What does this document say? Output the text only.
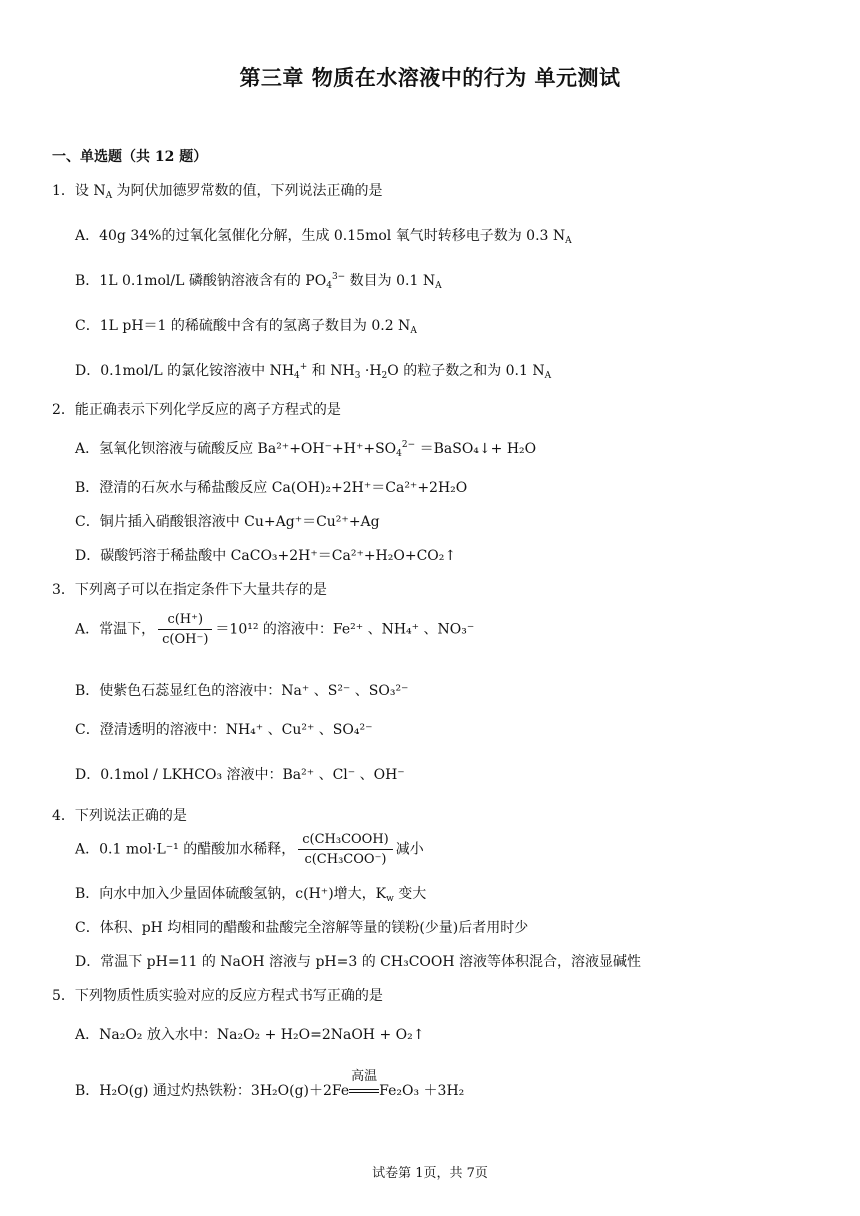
第三章 物质在水溶液中的行为 单元测试
一、单选题（共 12 题）
1．设 $N_A$ 为阿伏加德罗常数的值，下列说法正确的是
A．40g 34%的过氧化氢催化分解，生成 0.15mol 氧气时转移电子数为 0.3 $N_A$
B．1L 0.1mol/L 磷酸钠溶液含有的 $PO_4^{3-}$ 数目为 0.1 $N_A$
C．1L pH＝1 的稀硫酸中含有的氢离子数目为 0.2 $N_A$
D．0.1mol/L 的氯化铵溶液中 $NH_4^+$ 和 $NH_3 \cdot H_2O$ 的粒子数之和为 0.1 $N_A$
2．能正确表示下列化学反应的离子方程式的是
A．氢氧化钡溶液与硫酸反应 $Ba^{2+}+OH^-+H^++SO_4^{2-}$ ＝BaSO₄↓+ H₂O
B．澄清的石灰水与稀盐酸反应 Ca(OH)₂+2H⁺＝Ca²⁺+2H₂O
C．铜片插入硝酸银溶液中 Cu+Ag⁺＝Cu²⁺+Ag
D．碳酸钙溶于稀盐酸中 CaCO₃+2H⁺＝Ca²⁺+H₂O+CO₂↑
3．下列离子可以在指定条件下大量共存的是
A．常温下， $\frac{c(H^+)}{c(OH^-)} =10^{12}$ 的溶液中：Fe²⁺ 、NH₄⁺ 、NO₃⁻
B．使紫色石蕊显红色的溶液中：Na⁺ 、S²⁻ 、SO₃²⁻
C．澄清透明的溶液中：NH₄⁺ 、Cu²⁺ 、SO₄²⁻
D．0.1mol / LKHCO₃ 溶液中：Ba²⁺ 、Cl⁻ 、OH⁻
4．下列说法正确的是
A．0.1 mol·L⁻¹ 的醋酸加水稀释， $\frac{\text{c(CH₃COOH)}}{\text{c(CH₃COO⁻)}}$ 减小
B．向水中加入少量固体硫酸氢钠，c(H⁺)增大，$K_w$ 变大
C．体积、pH 均相同的醋酸和盐酸完全溶解等量的镁粉(少量)后者用时少
D．常温下 pH=11 的 NaOH 溶液与 pH=3 的 CH₃COOH 溶液等体积混合，溶液显碱性
5．下列物质性质实验对应的反应方程式书写正确的是
A．Na₂O₂ 放入水中：Na₂O₂ + H₂O=2NaOH + O₂↑
B．H₂O(g) 通过灼热铁粉：3H₂O(g)＋2Fe
高温
Fe₂O₃ ＋3H₂
试卷第 1页，共 7页
